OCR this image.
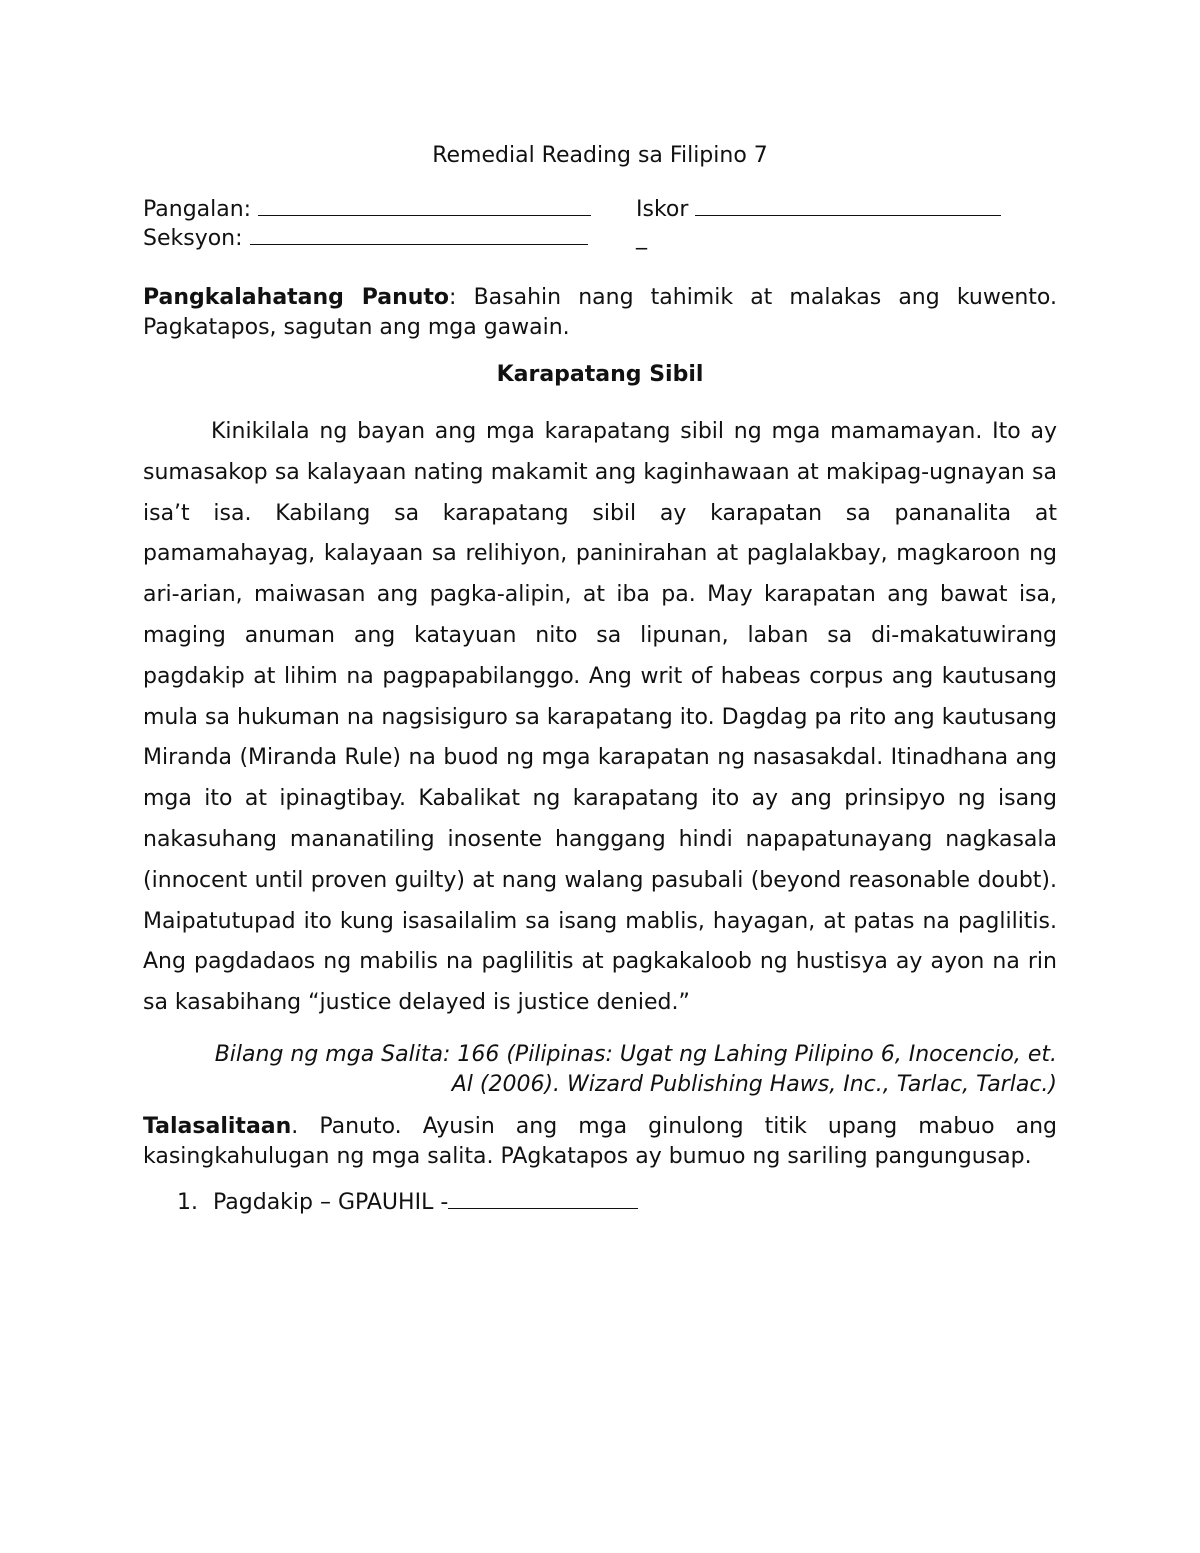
Remedial Reading sa Filipino 7
Pangalan:	Iskor
Seksyon:	_

Pangkalahatang Panuto: Basahin nang tahimik at malakas ang kuwento. Pagkatapos, sagutan ang mga gawain.

Karapatang Sibil

Kinikilala ng bayan ang mga karapatang sibil ng mga mamamayan. Ito ay sumasakop sa kalayaan nating makamit ang kaginhawaan at makipag-ugnayan sa isa’t isa. Kabilang sa karapatang sibil ay karapatan sa pananalita at pamamahayag, kalayaan sa relihiyon, paninirahan at paglalakbay, magkaroon ng ari-arian, maiwasan ang pagka-alipin, at iba pa. May karapatan ang bawat isa, maging anuman ang katayuan nito sa lipunan, laban sa di-makatuwirang pagdakip at lihim na pagpapabilanggo. Ang writ of habeas corpus ang kautusang mula sa hukuman na nagsisiguro sa karapatang ito. Dagdag pa rito ang kautusang Miranda (Miranda Rule) na buod ng mga karapatan ng nasasakdal. Itinadhana ang mga ito at ipinagtibay. Kabalikat ng karapatang ito ay ang prinsipyo ng isang nakasuhang mananatiling inosente hanggang hindi napapatunayang nagkasala (innocent until proven guilty) at nang walang pasubali (beyond reasonable doubt). Maipatutupad ito kung isasailalim sa isang mablis, hayagan, at patas na paglilitis. Ang pagdadaos ng mabilis na paglilitis at pagkakaloob ng hustisya ay ayon na rin sa kasabihang “justice delayed is justice denied.”

Bilang ng mga Salita: 166 (Pilipinas: Ugat ng Lahing Pilipino 6, Inocencio, et.
Al (2006). Wizard Publishing Haws, Inc., Tarlac, Tarlac.)

Talasalitaan. Panuto. Ayusin ang mga ginulong titik upang mabuo ang kasingkahulugan ng mga salita. PAgkatapos ay bumuo ng sariling pangungusap.

1. Pagdakip – GPAUHIL -
